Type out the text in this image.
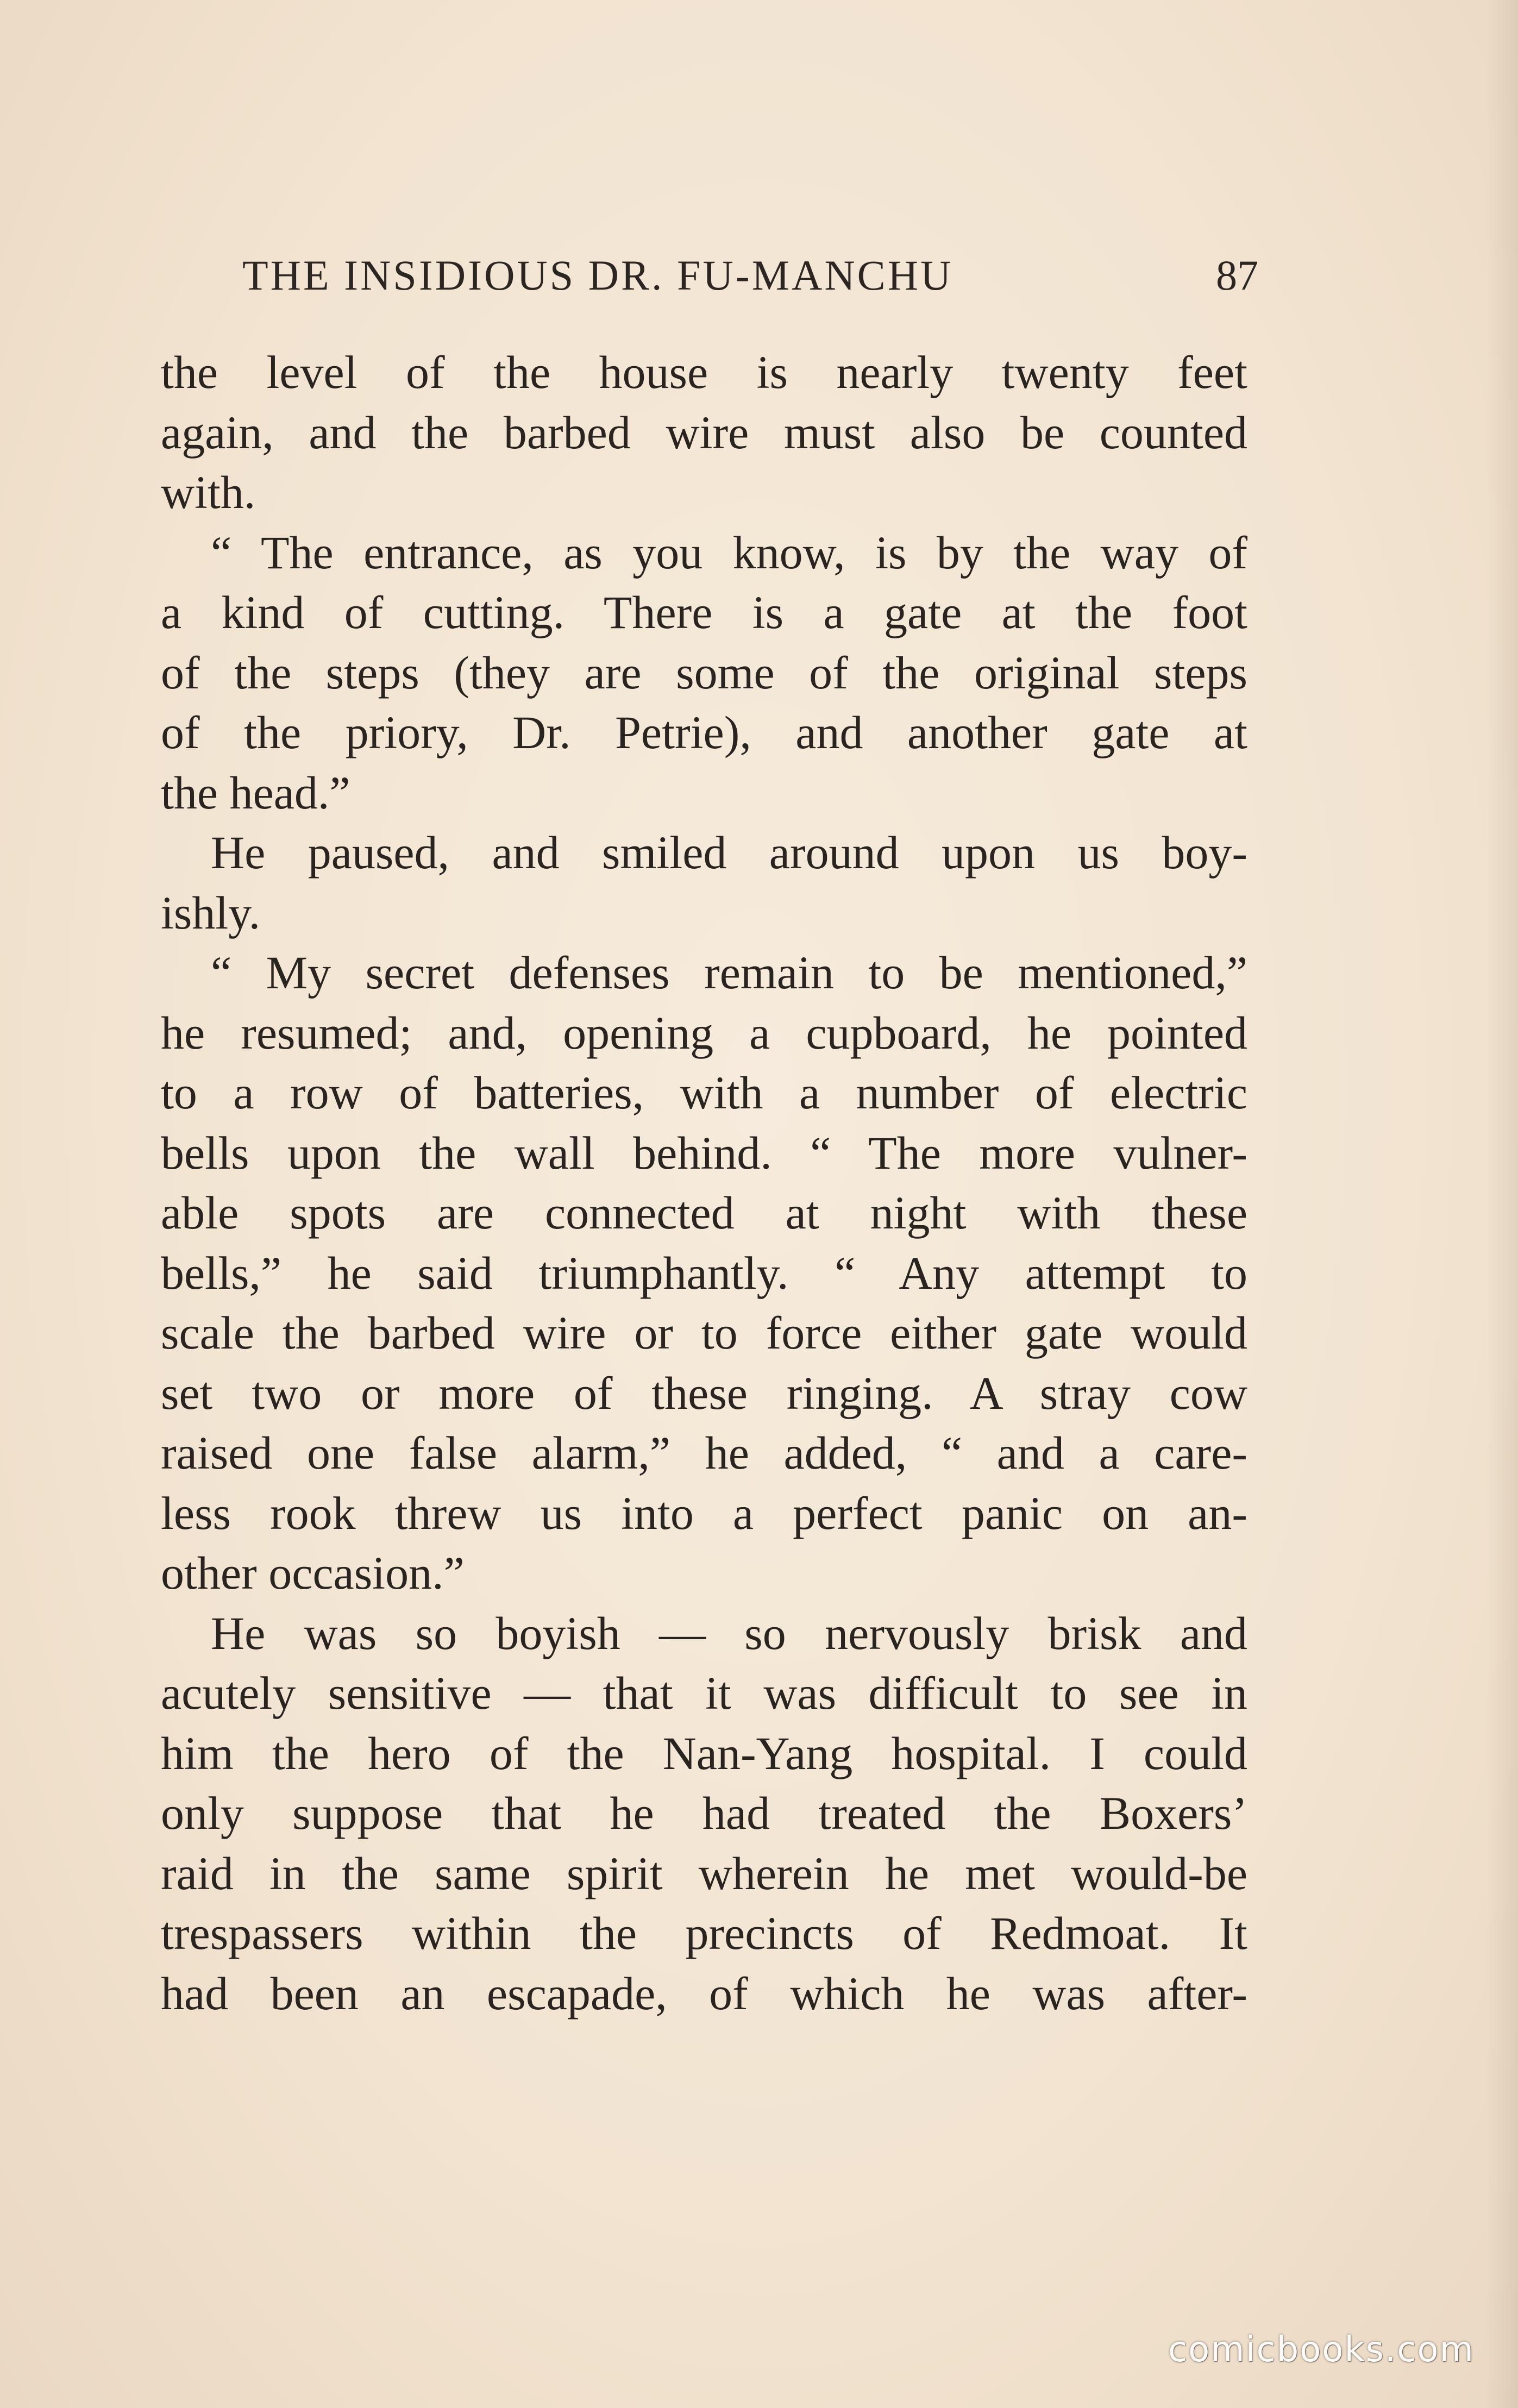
THE INSIDIOUS DR. FU-MANCHU	87
the level of the house is nearly twenty feet
again, and the barbed wire must also be counted
with.
“ The entrance, as you know, is by the way of
a kind of cutting. There is a gate at the foot
of the steps (they are some of the original steps
of the priory, Dr. Petrie), and another gate at
the head.”
He paused, and smiled around upon us boy-
ishly.
“ My secret defenses remain to be mentioned,”
he resumed; and, opening a cupboard, he pointed
to a row of batteries, with a number of electric
bells upon the wall behind. “ The more vulner-
able spots are connected at night with these
bells,” he said triumphantly. “ Any attempt to
scale the barbed wire or to force either gate would
set two or more of these ringing. A stray cow
raised one false alarm,” he added, “ and a care-
less rook threw us into a perfect panic on an-
other occasion.”
He was so boyish — so nervously brisk and
acutely sensitive — that it was difficult to see in
him the hero of the Nan-Yang hospital. I could
only suppose that he had treated the Boxers’
raid in the same spirit wherein he met would-be
trespassers within the precincts of Redmoat. It
had been an escapade, of which he was after-
comicbooks.com
